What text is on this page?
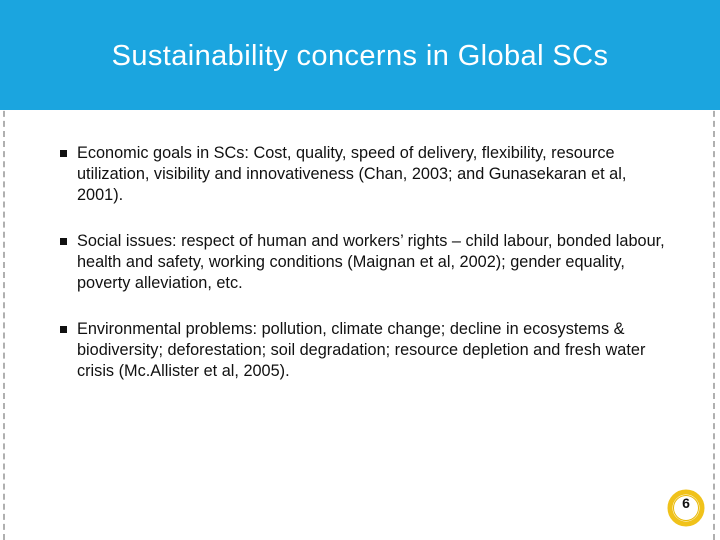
Sustainability concerns in Global SCs
Economic goals in SCs: Cost, quality, speed of delivery, flexibility, resource utilization, visibility and innovativeness (Chan, 2003; and Gunasekaran et al, 2001).
Social issues: respect of human and workers’ rights – child labour, bonded labour, health and safety, working conditions (Maignan et al, 2002); gender equality, poverty alleviation, etc.
Environmental problems: pollution, climate change; decline in ecosystems & biodiversity; deforestation; soil degradation; resource depletion and fresh water crisis (Mc.Allister et al, 2005).
6
